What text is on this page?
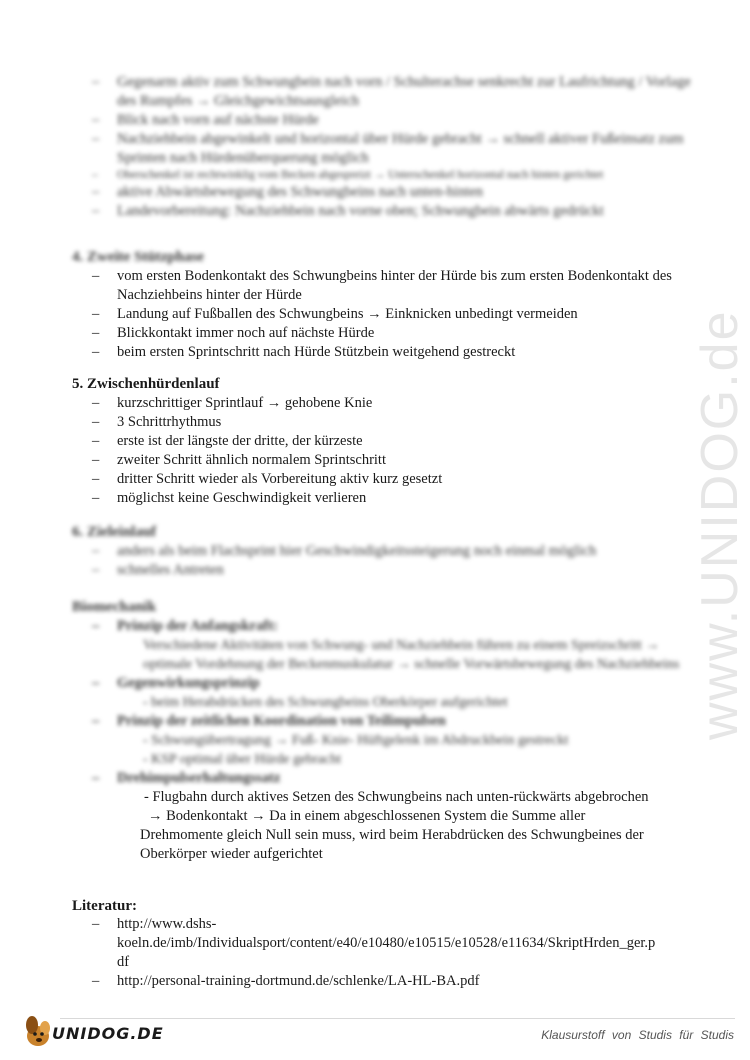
www.UNIDOG.de
– Gegenarm aktiv zum Schwungbein nach vorn / Schulterachse senkrecht zur Laufrichtung / Vorlage des Rumpfes → Gleichgewichtsausgleich
– Blick nach vorn auf nächste Hürde
– Nachziehbein abgewinkelt und horizontal über Hürde gebracht → schnell aktiver Fußeinsatz zum Sprinten nach Hürdenüberquerung möglich
– Oberschenkel ist rechtwinklig vom Becken abgespreizt → Unterschenkel horizontal nach hinten gerichtet
– aktive Abwärtsbewegung des Schwungbeins nach unten-hinten
– Landevorbereitung: Nachziehbein nach vorne oben; Schwungbein abwärts gedrückt
4. Zweite Stützphase
– vom ersten Bodenkontakt des Schwungbeins hinter der Hürde bis zum ersten Bodenkontakt des Nachziehbeins hinter der Hürde
– Landung auf Fußballen des Schwungbeins → Einknicken unbedingt vermeiden
– Blickkontakt immer noch auf nächste Hürde
– beim ersten Sprintschritt nach Hürde Stützbein weitgehend gestreckt
5. Zwischenhürdenlauf
– kurzschrittiger Sprintlauf → gehobene Knie
– 3 Schrittrhythmus
– erste ist der längste der dritte, der kürzeste
– zweiter Schritt ähnlich normalem Sprintschritt
– dritter Schritt wieder als Vorbereitung aktiv kurz gesetzt
– möglichst keine Geschwindigkeit verlieren
6. Zieleinlauf
– anders als beim Flachsprint hier Geschwindigkeitssteigerung noch einmal möglich
– schnelles Antreten
Biomechanik
– Prinzip der Anfangskraft:
Verschiedene Aktivitäten von Schwung- und Nachziehbein führen zu einem Spreizschritt → optimale Vordehnung der Beckenmuskulatur → schnelle Vorwärtsbewegung des Nachziehbeins
– Gegenwirkungsprinzip
- beim Herabdrücken des Schwungbeins Oberkörper aufgerichtet
– Prinzip der zeitlichen Koordination von Teilimpulsen
- Schwungübertragung → Fuß- Knie- Hüftgelenk im Abdruckbein gestreckt
- KSP optimal über Hürde gebracht
– Drehimpulserhaltungssatz
- Flugbahn durch aktives Setzen des Schwungbeins nach unten-rückwärts abgebrochen
→ Bodenkontakt → Da in einem abgeschlossenen System die Summe aller
Drehmomente gleich Null sein muss, wird beim Herabdrücken des Schwungbeines der
Oberkörper wieder aufgerichtet
Literatur:
– http://www.dshs-
koeln.de/imb/Individualsport/content/e40/e10480/e10515/e10528/e11634/SkriptHrden_ger.p
df
– http://personal-training-dortmund.de/schlenke/LA-HL-BA.pdf
UNIDOG.DE	Klausurstoff von Studis für Studis
